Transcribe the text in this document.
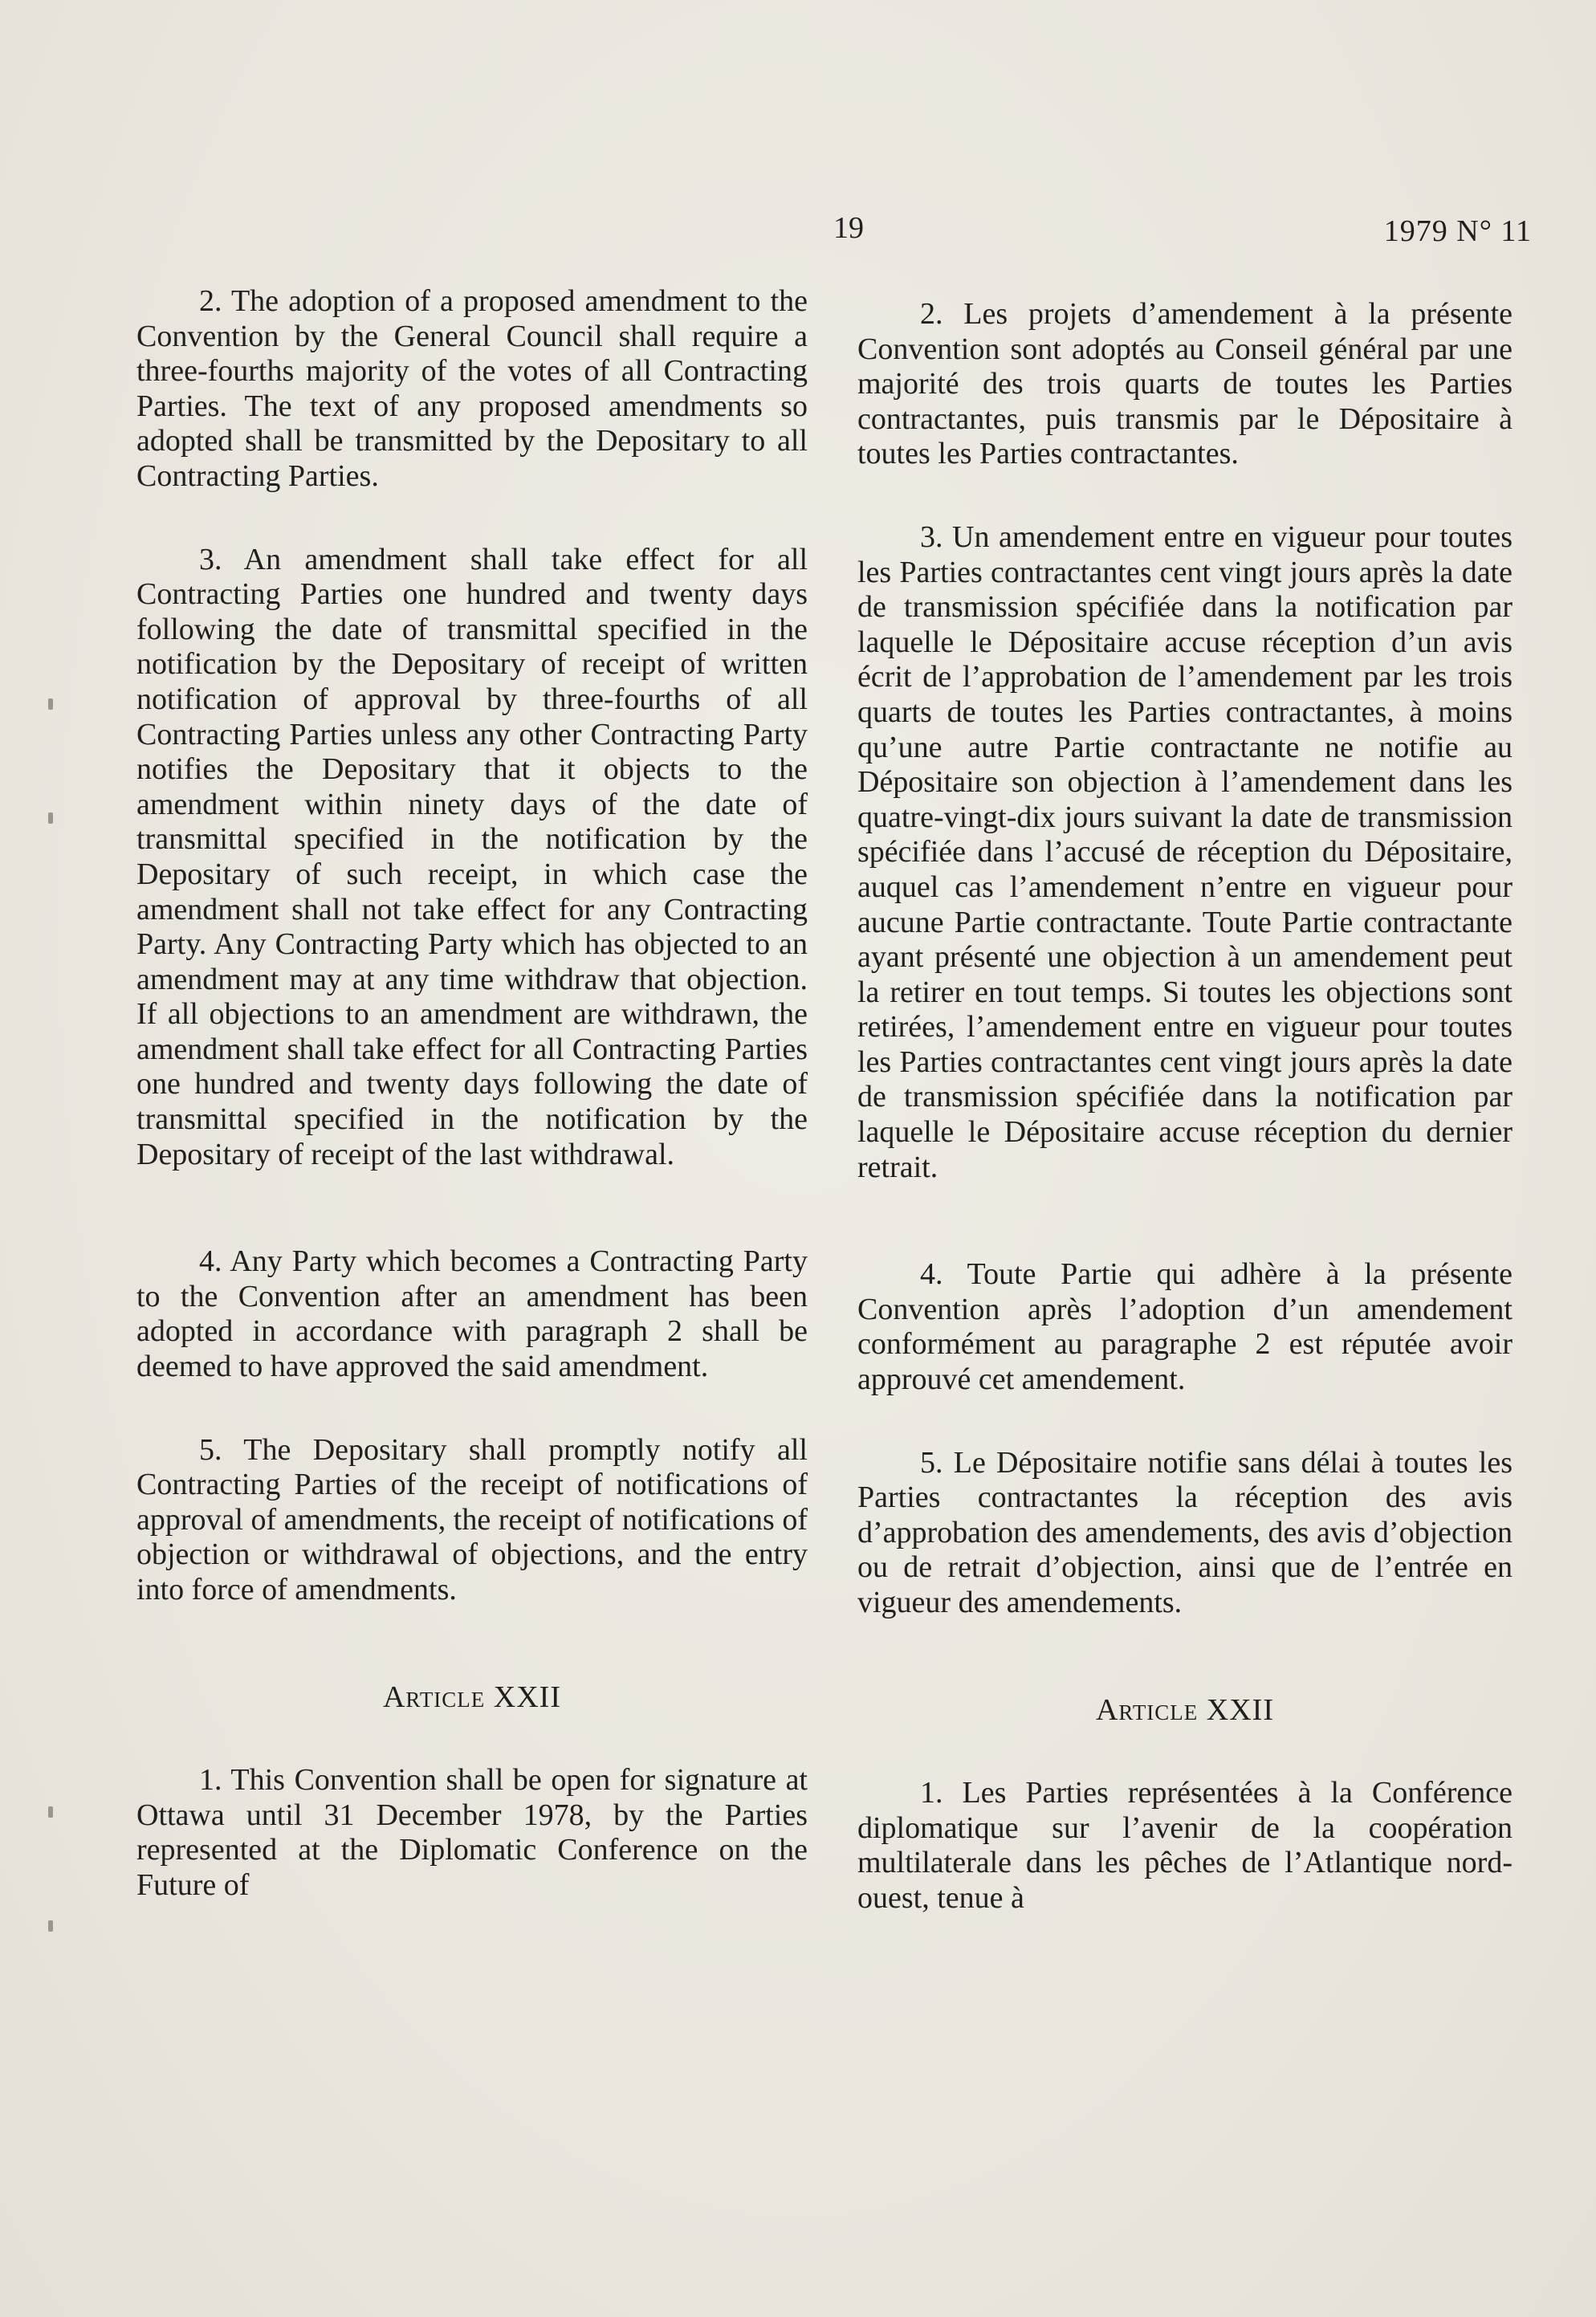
19	1979 N° 11

2. The adoption of a proposed amendment to the Convention by the General Council shall require a three-fourths majority of the votes of all Contracting Parties. The text of any proposed amendments so adopted shall be transmitted by the Depositary to all Contracting Parties.

3. An amendment shall take effect for all Contracting Parties one hundred and twenty days following the date of transmittal specified in the notification by the Depositary of receipt of written notification of approval by three-fourths of all Contracting Parties unless any other Contracting Party notifies the Depositary that it objects to the amendment within ninety days of the date of transmittal specified in the notification by the Depositary of such receipt, in which case the amendment shall not take effect for any Contracting Party. Any Contracting Party which has objected to an amendment may at any time withdraw that objection. If all objections to an amendment are withdrawn, the amendment shall take effect for all Contracting Parties one hundred and twenty days following the date of transmittal specified in the notification by the Depositary of receipt of the last withdrawal.

4. Any Party which becomes a Contracting Party to the Convention after an amendment has been adopted in accordance with paragraph 2 shall be deemed to have approved the said amendment.

5. The Depositary shall promptly notify all Contracting Parties of the receipt of notifications of approval of amendments, the receipt of notifications of objection or withdrawal of objections, and the entry into force of amendments.

Article XXII

1. This Convention shall be open for signature at Ottawa until 31 December 1978, by the Parties represented at the Diplomatic Conference on the Future of

2. Les projets d’amendement à la présente Convention sont adoptés au Conseil général par une majorité des trois quarts de toutes les Parties contractantes, puis transmis par le Dépositaire à toutes les Parties contractantes.

3. Un amendement entre en vigueur pour toutes les Parties contractantes cent vingt jours après la date de transmission spécifiée dans la notification par laquelle le Dépositaire accuse réception d’un avis écrit de l’approbation de l’amendement par les trois quarts de toutes les Parties contractantes, à moins qu’une autre Partie contractante ne notifie au Dépositaire son objection à l’amendement dans les quatre-vingt-dix jours suivant la date de transmission spécifiée dans l’accusé de réception du Dépositaire, auquel cas l’amendement n’entre en vigueur pour aucune Partie contractante. Toute Partie contractante ayant présenté une objection à un amendement peut la retirer en tout temps. Si toutes les objections sont retirées, l’amendement entre en vigueur pour toutes les Parties contractantes cent vingt jours après la date de transmission spécifiée dans la notification par laquelle le Dépositaire accuse réception du dernier retrait.

4. Toute Partie qui adhère à la présente Convention après l’adoption d’un amendement conformément au paragraphe 2 est réputée avoir approuvé cet amendement.

5. Le Dépositaire notifie sans délai à toutes les Parties contractantes la réception des avis d’approbation des amendements, des avis d’objection ou de retrait d’objection, ainsi que de l’entrée en vigueur des amendements.

Article XXII

1. Les Parties représentées à la Conférence diplomatique sur l’avenir de la coopération multilaterale dans les pêches de l’Atlantique nord-ouest, tenue à
